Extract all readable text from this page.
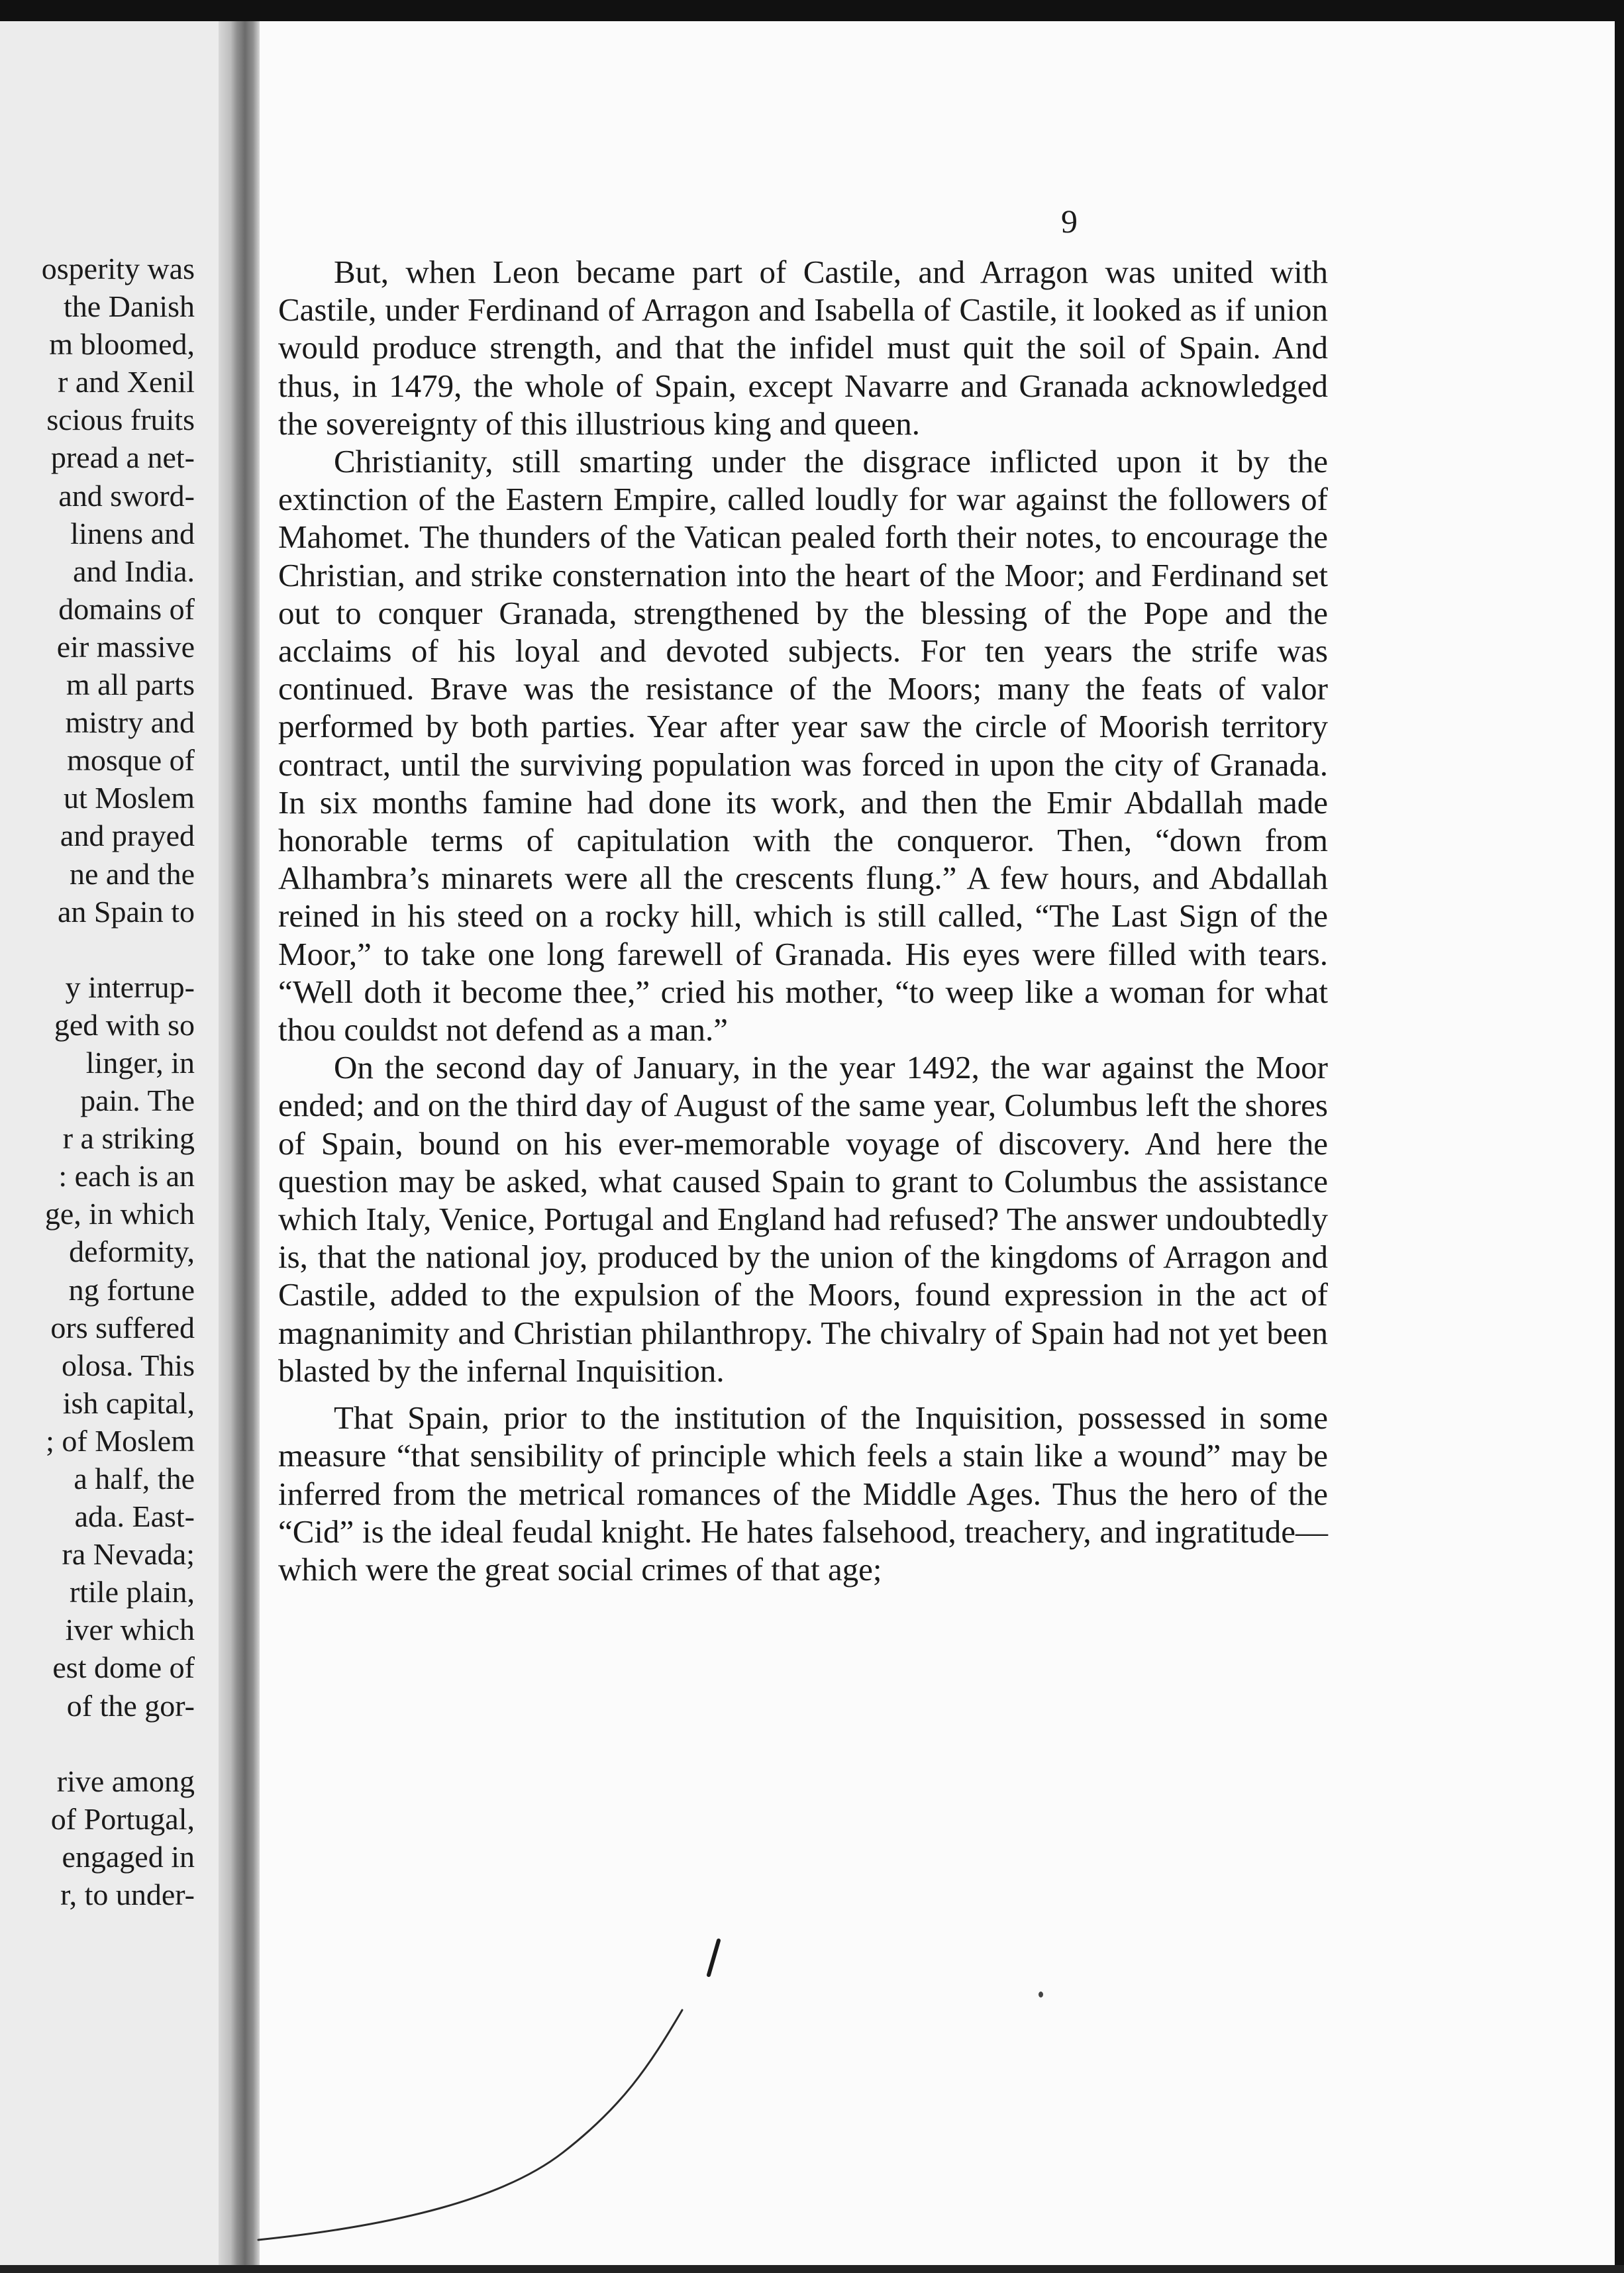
osperity was
the Danish
m bloomed,
r and Xenil
scious fruits
pread a net-
and sword-
linens and
and India.
domains of
eir massive
m all parts
mistry and
mosque of
ut Moslem
and prayed
ne and the
an Spain to
y interrup-
ged with so
linger, in
pain. The
r a striking
: each is an
ge, in which
deformity,
ng fortune
ors suffered
olosa. This
ish capital,
; of Moslem
a half, the
ada. East-
ra Nevada;
rtile plain,
iver which
est dome of
of the gor-
rive among
of Portugal,
engaged in
r, to under-
9

But, when Leon became part of Castile, and Arragon was united with Castile, under Ferdinand of Arragon and Isabella of Castile, it looked as if union would produce strength, and that the infidel must quit the soil of Spain. And thus, in 1479, the whole of Spain, except Navarre and Granada acknowledged the sovereignty of this illustrious king and queen.

Christianity, still smarting under the disgrace inflicted upon it by the extinction of the Eastern Empire, called loudly for war against the followers of Mahomet. The thunders of the Vatican pealed forth their notes, to encourage the Christian, and strike consternation into the heart of the Moor; and Ferdinand set out to conquer Granada, strengthened by the blessing of the Pope and the acclaims of his loyal and devoted subjects. For ten years the strife was continued. Brave was the resistance of the Moors; many the feats of valor performed by both parties. Year after year saw the circle of Moorish territory contract, until the surviving population was forced in upon the city of Granada. In six months famine had done its work, and then the Emir Abdallah made honorable terms of capitulation with the conqueror. Then, “down from Alhambra’s minarets were all the crescents flung.” A few hours, and Abdallah reined in his steed on a rocky hill, which is still called, “The Last Sign of the Moor,” to take one long farewell of Granada. His eyes were filled with tears. “Well doth it become thee,” cried his mother, “to weep like a woman for what thou couldst not defend as a man.”

On the second day of January, in the year 1492, the war against the Moor ended; and on the third day of August of the same year, Columbus left the shores of Spain, bound on his ever-memorable voyage of discovery. And here the question may be asked, what caused Spain to grant to Columbus the assistance which Italy, Venice, Portugal and England had refused? The answer undoubtedly is, that the national joy, produced by the union of the kingdoms of Arragon and Castile, added to the expulsion of the Moors, found expression in the act of magnanimity and Christian philanthropy. The chivalry of Spain had not yet been blasted by the infernal Inquisition.

That Spain, prior to the institution of the Inquisition, possessed in some measure “that sensibility of principle which feels a stain like a wound” may be inferred from the metrical romances of the Middle Ages. Thus the hero of the “Cid” is the ideal feudal knight. He hates falsehood, treachery, and ingratitude—which were the great social crimes of that age;
